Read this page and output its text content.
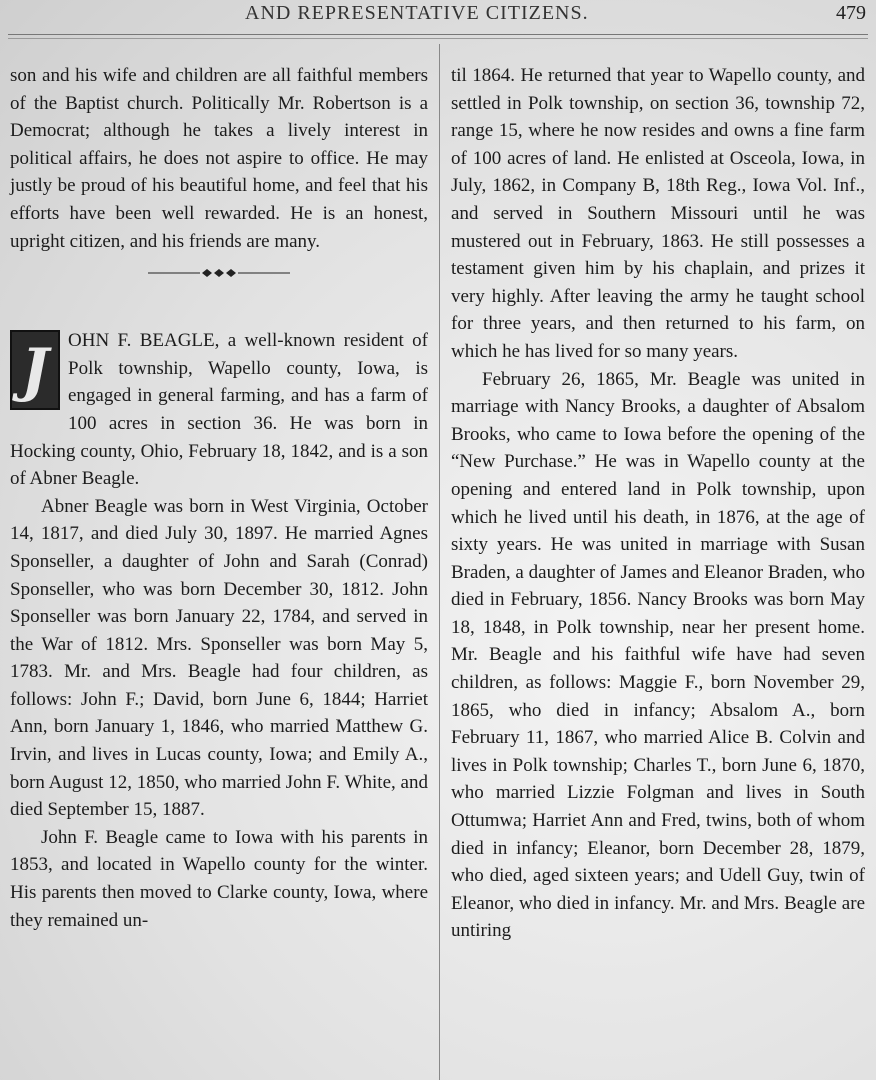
AND REPRESENTATIVE CITIZENS.	479

son and his wife and children are all faithful members of the Baptist church. Politically Mr. Robertson is a Democrat; although he takes a lively interest in political affairs, he does not aspire to office. He may justly be proud of his beautiful home, and feel that his efforts have been well rewarded. He is an honest, upright citizen, and his friends are many.

J	OHN F. BEAGLE, a well-known resident of Polk township, Wapello county, Iowa, is engaged in general farming, and has a farm of 100 acres in section 36. He was born in Hocking county, Ohio, February 18, 1842, and is a son of Abner Beagle.

Abner Beagle was born in West Virginia, October 14, 1817, and died July 30, 1897. He married Agnes Sponseller, a daughter of John and Sarah (Conrad) Sponseller, who was born December 30, 1812. John Sponseller was born January 22, 1784, and served in the War of 1812. Mrs. Sponseller was born May 5, 1783. Mr. and Mrs. Beagle had four children, as follows: John F.; David, born June 6, 1844; Harriet Ann, born January 1, 1846, who married Matthew G. Irvin, and lives in Lucas county, Iowa; and Emily A., born August 12, 1850, who married John F. White, and died September 15, 1887.

John F. Beagle came to Iowa with his parents in 1853, and located in Wapello county for the winter. His parents then moved to Clarke county, Iowa, where they remained un-

til 1864. He returned that year to Wapello county, and settled in Polk township, on section 36, township 72, range 15, where he now resides and owns a fine farm of 100 acres of land. He enlisted at Osceola, Iowa, in July, 1862, in Company B, 18th Reg., Iowa Vol. Inf., and served in Southern Missouri until he was mustered out in February, 1863. He still possesses a testament given him by his chaplain, and prizes it very highly. After leaving the army he taught school for three years, and then returned to his farm, on which he has lived for so many years.

February 26, 1865, Mr. Beagle was united in marriage with Nancy Brooks, a daughter of Absalom Brooks, who came to Iowa before the opening of the “New Purchase.” He was in Wapello county at the opening and entered land in Polk township, upon which he lived until his death, in 1876, at the age of sixty years. He was united in marriage with Susan Braden, a daughter of James and Eleanor Braden, who died in February, 1856. Nancy Brooks was born May 18, 1848, in Polk township, near her present home. Mr. Beagle and his faithful wife have had seven children, as follows: Maggie F., born November 29, 1865, who died in infancy; Absalom A., born February 11, 1867, who married Alice B. Colvin and lives in Polk township; Charles T., born June 6, 1870, who married Lizzie Folgman and lives in South Ottumwa; Harriet Ann and Fred, twins, both of whom died in infancy; Eleanor, born December 28, 1879, who died, aged sixteen years; and Udell Guy, twin of Eleanor, who died in infancy. Mr. and Mrs. Beagle are untiring
